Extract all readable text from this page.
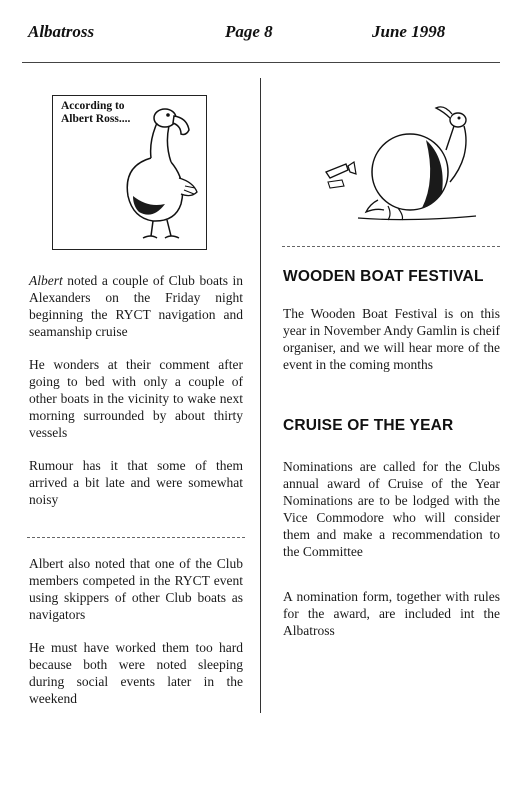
Albatross	Page 8	June 1998
According to
Albert Ross....

Albert noted a couple of Club boats in Alexanders on the Friday night beginning the RYCT navigation and seamanship cruise

He wonders at their comment after going to bed with only a couple of other boats in the vicinity to wake next morning surrounded by about thirty vessels

Rumour has it that some of them arrived a bit late and were somewhat noisy

Albert also noted that one of the Club members competed in the RYCT event using skippers of other Club boats as navigators

He must have worked them too hard because both were noted sleeping during social events later in the weekend

WOODEN BOAT FESTIVAL

The Wooden Boat Festival is on this year in November Andy Gamlin is cheif organiser, and we will hear more of the event in the coming months

CRUISE OF THE YEAR

Nominations are called for the Clubs annual award of Cruise of the Year Nominations are to be lodged with the Vice Commodore who will consider them and make a recommendation to the Committee

A nomination form, together with rules for the award, are included int the Albatross
